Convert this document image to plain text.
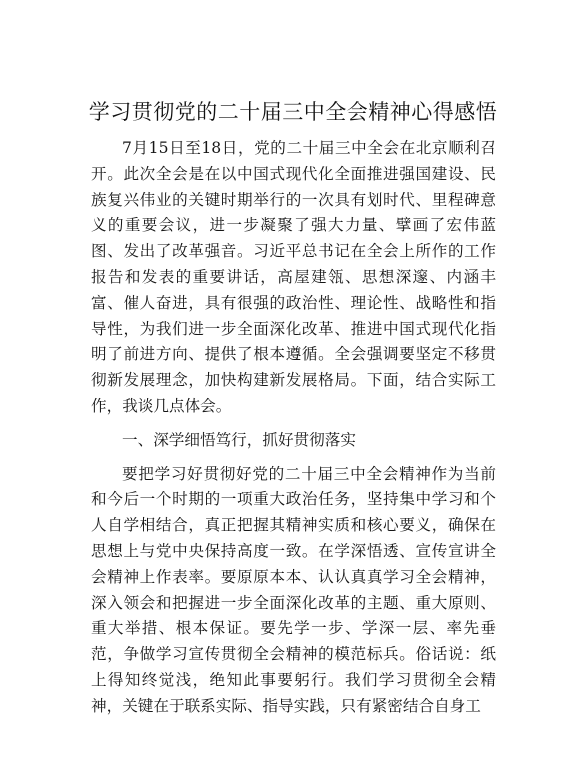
学习贯彻党的二十届三中全会精神心得感悟

7月15日至18日，党的二十届三中全会在北京顺利召开。此次全会是在以中国式现代化全面推进强国建设、民族复兴伟业的关键时期举行的一次具有划时代、里程碑意义的重要会议，进一步凝聚了强大力量、擘画了宏伟蓝图、发出了改革强音。习近平总书记在全会上所作的工作报告和发表的重要讲话，高屋建瓴、思想深邃、内涵丰富、催人奋进，具有很强的政治性、理论性、战略性和指导性，为我们进一步全面深化改革、推进中国式现代化指明了前进方向、提供了根本遵循。全会强调要坚定不移贯彻新发展理念，加快构建新发展格局。下面，结合实际工作，我谈几点体会。

一、深学细悟笃行，抓好贯彻落实

要把学习好贯彻好党的二十届三中全会精神作为当前和今后一个时期的一项重大政治任务，坚持集中学习和个人自学相结合，真正把握其精神实质和核心要义，确保在思想上与党中央保持高度一致。在学深悟透、宣传宣讲全会精神上作表率。要原原本本、认认真真学习全会精神，深入领会和把握进一步全面深化改革的主题、重大原则、重大举措、根本保证。要先学一步、学深一层、率先垂范，争做学习宣传贯彻全会精神的模范标兵。俗话说：纸上得知终觉浅，绝知此事要躬行。我们学习贯彻全会精神，关键在于联系实际、指导实践，只有紧密结合自身工
